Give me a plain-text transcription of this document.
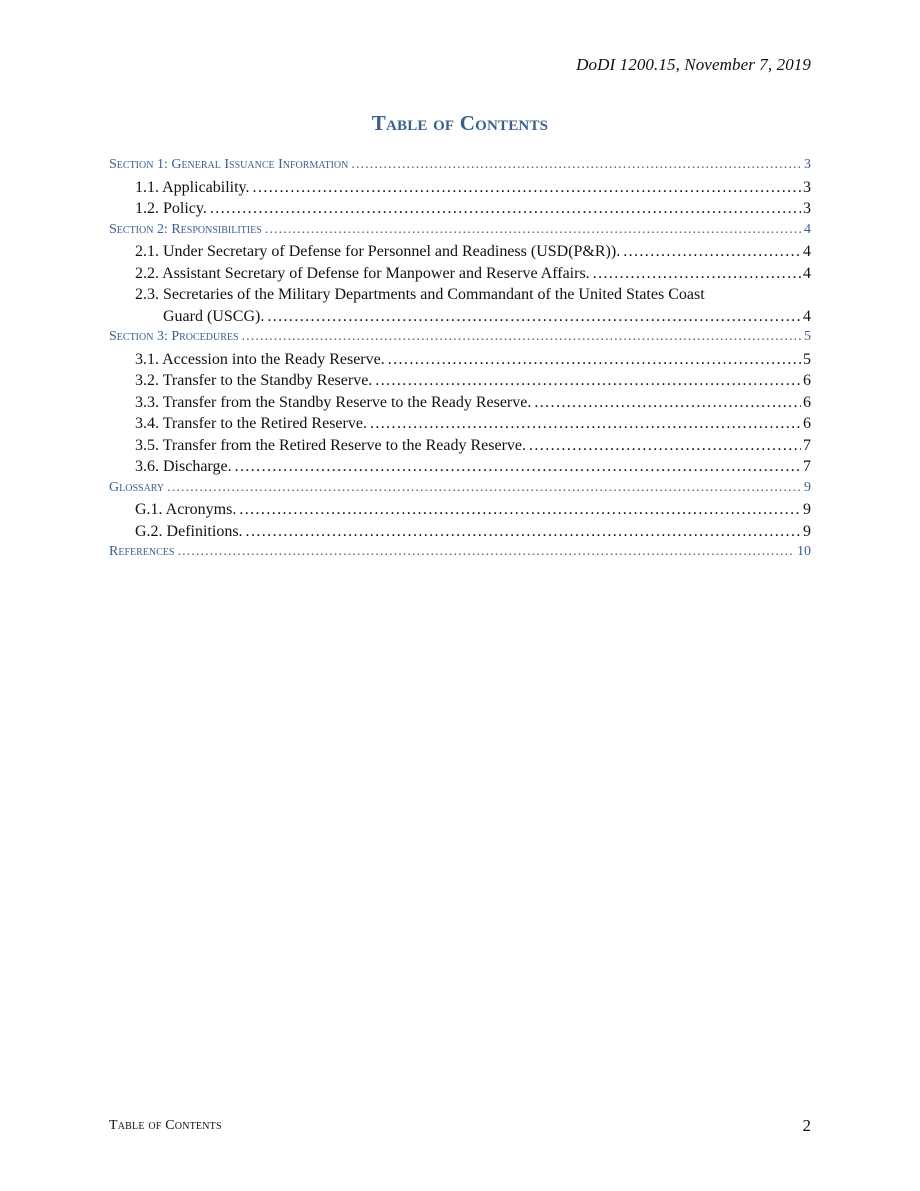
DoDI 1200.15, November 7, 2019
Table of Contents
Section 1: General Issuance Information .....	3
1.1. Applicability. .....	3
1.2. Policy. .....	3
Section 2: Responsibilities .....	4
2.1. Under Secretary of Defense for Personnel and Readiness (USD(P&R)). .....	4
2.2. Assistant Secretary of Defense for Manpower and Reserve Affairs. .....	4
2.3. Secretaries of the Military Departments and Commandant of the United States Coast
Guard (USCG). .....	4
Section 3: Procedures .....	5
3.1. Accession into the Ready Reserve. .....	5
3.2. Transfer to the Standby Reserve. .....	6
3.3. Transfer from the Standby Reserve to the Ready Reserve. .....	6
3.4. Transfer to the Retired Reserve. .....	6
3.5. Transfer from the Retired Reserve to the Ready Reserve. .....	7
3.6. Discharge. .....	7
Glossary .....	9
G.1. Acronyms. .....	9
G.2. Definitions. .....	9
References .....	10
Table of Contents	2
